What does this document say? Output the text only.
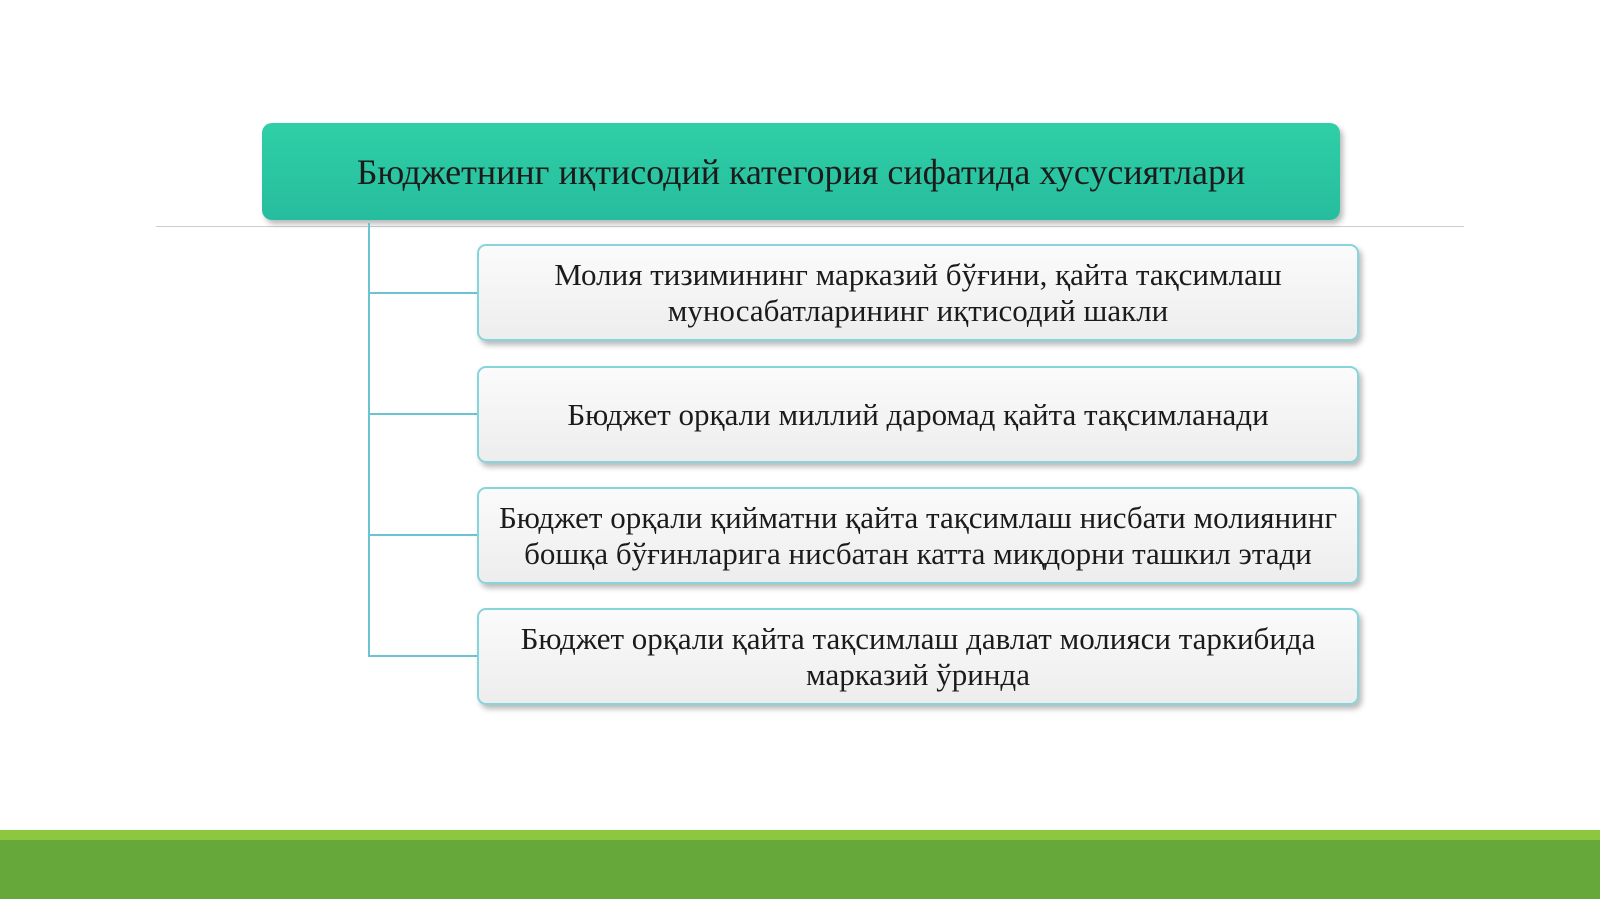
Бюджетнинг иқтисодий категория сифатида хусусиятлари
Молия тизимининг марказий бўғини, қайта тақсимлаш муносабатларининг иқтисодий шакли
Бюджет орқали миллий даромад қайта тақсимланади
Бюджет орқали қийматни қайта тақсимлаш нисбати молиянинг бошқа бўғинларига нисбатан катта миқдорни ташкил этади
Бюджет орқали қайта тақсимлаш давлат молияси таркибида марказий ўринда
